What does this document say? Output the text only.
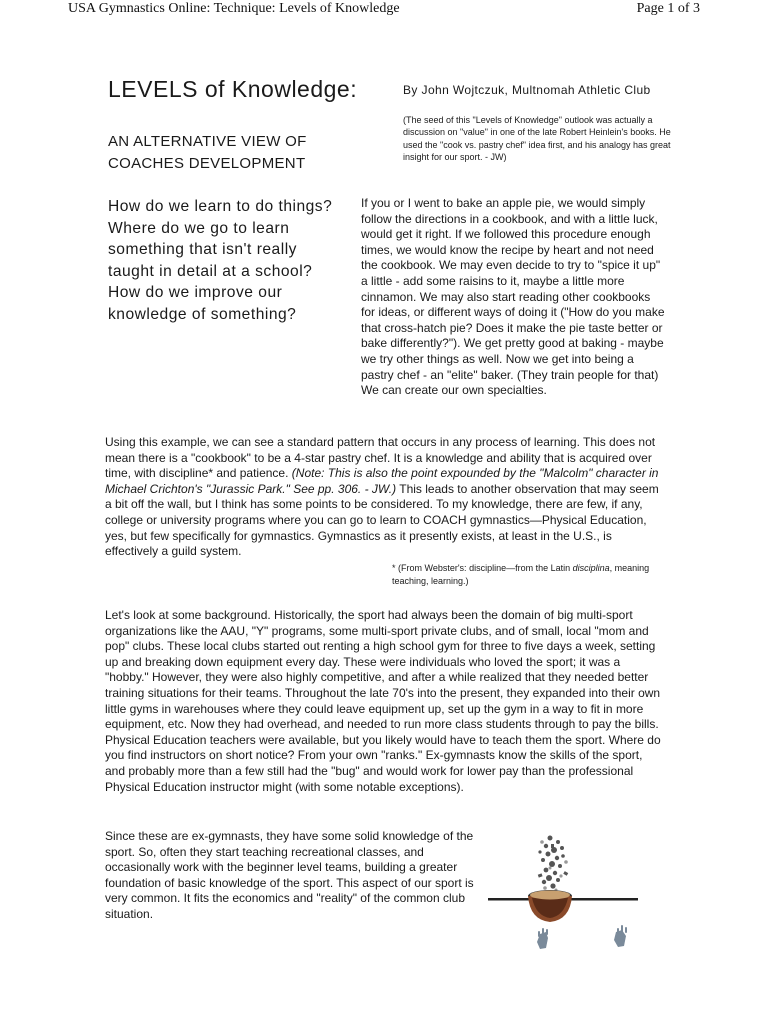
USA Gymnastics Online: Technique: Levels of Knowledge	Page 1 of 3
LEVELS of Knowledge:	By John Wojtczuk, Multnomah Athletic Club
(The seed of this "Levels of Knowledge" outlook was actually a discussion on "value" in one of the late Robert Heinlein's books. He used the "cook vs. pastry chef" idea first, and his analogy has great insight for our sport. - JW)
AN ALTERNATIVE VIEW OF COACHES DEVELOPMENT
How do we learn to do things? Where do we go to learn something that isn't really taught in detail at a school? How do we improve our knowledge of something?
If you or I went to bake an apple pie, we would simply follow the directions in a cookbook, and with a little luck, would get it right. If we followed this procedure enough times, we would know the recipe by heart and not need the cookbook. We may even decide to try to "spice it up" a little - add some raisins to it, maybe a little more cinnamon. We may also start reading other cookbooks for ideas, or different ways of doing it ("How do you make that cross-hatch pie? Does it make the pie taste better or bake differently?"). We get pretty good at baking - maybe we try other things as well. Now we get into being a pastry chef - an "elite" baker. (They train people for that) We can create our own specialties.
Using this example, we can see a standard pattern that occurs in any process of learning. This does not mean there is a "cookbook" to be a 4-star pastry chef. It is a knowledge and ability that is acquired over time, with discipline* and patience. (Note: This is also the point expounded by the "Malcolm" character in Michael Crichton's "Jurassic Park." See pp. 306. - JW.) This leads to another observation that may seem a bit off the wall, but I think has some points to be considered. To my knowledge, there are few, if any, college or university programs where you can go to learn to COACH gymnastics—Physical Education, yes, but few specifically for gymnastics. Gymnastics as it presently exists, at least in the U.S., is effectively a guild system.
* (From Webster's: discipline—from the Latin disciplina, meaning teaching, learning.)
Let's look at some background. Historically, the sport had always been the domain of big multi-sport organizations like the AAU, "Y" programs, some multi-sport private clubs, and of small, local "mom and pop" clubs. These local clubs started out renting a high school gym for three to five days a week, setting up and breaking down equipment every day. These were individuals who loved the sport; it was a "hobby." However, they were also highly competitive, and after a while realized that they needed better training situations for their teams. Throughout the late 70's into the present, they expanded into their own little gyms in warehouses where they could leave equipment up, set up the gym in a way to fit in more equipment, etc. Now they had overhead, and needed to run more class students through to pay the bills. Physical Education teachers were available, but you likely would have to teach them the sport. Where do you find instructors on short notice? From your own "ranks." Ex-gymnasts know the skills of the sport, and probably more than a few still had the "bug" and would work for lower pay than the professional Physical Education instructor might (with some notable exceptions).
Since these are ex-gymnasts, they have some solid knowledge of the sport. So, often they start teaching recreational classes, and occasionally work with the beginner level teams, building a greater foundation of basic knowledge of the sport. This aspect of our sport is very common. It fits the economics and "reality" of the common club situation.
